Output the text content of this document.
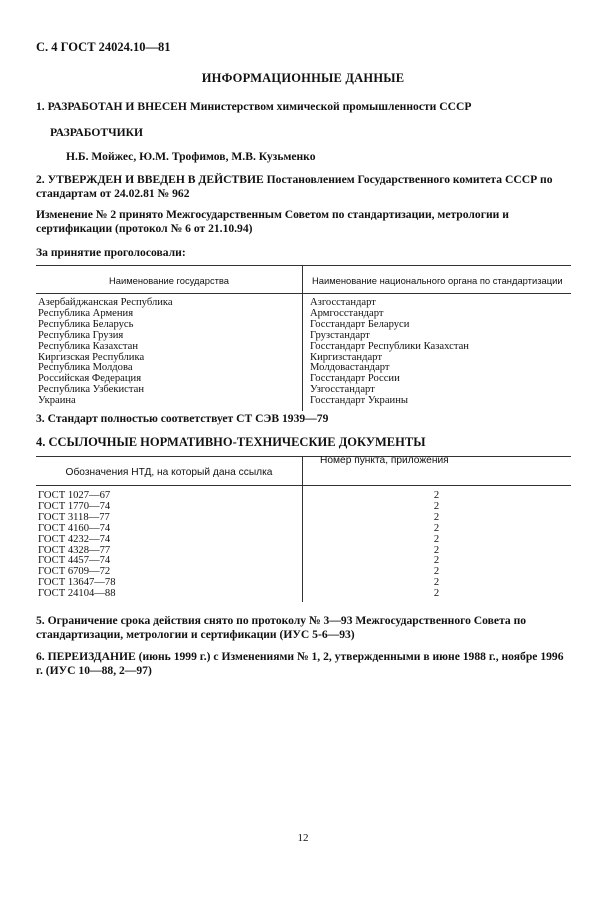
С. 4 ГОСТ 24024.10—81
ИНФОРМАЦИОННЫЕ ДАННЫЕ
1. РАЗРАБОТАН И ВНЕСЕН Министерством химической промышленности СССР
РАЗРАБОТЧИКИ
Н.Б. Мойжес, Ю.М. Трофимов, М.В. Кузьменко
2. УТВЕРЖДЕН И ВВЕДЕН В ДЕЙСТВИЕ Постановлением Государственного комитета СССР по стандартам от 24.02.81 № 962
Изменение № 2 принято Межгосударственным Советом по стандартизации, метрологии и сертификации (протокол № 6 от 21.10.94)
За принятие проголосовали:
Наименование государства	Наименование национального органа по стандартизации
Азербайджанская Республика
Республика Армения
Республика Беларусь
Республика Грузия
Республика Казахстан
Киргизская Республика
Республика Молдова
Российская Федерация
Республика Узбекистан
Украина
Азгосстандарт
Армгосстандарт
Госстандарт Беларуси
Грузстандарт
Госстандарт Республики Казахстан
Киргизстандарт
Молдовастандарт
Госстандарт России
Узгосстандарт
Госстандарт Украины
3. Стандарт полностью соответствует СТ СЭВ 1939—79
4. ССЫЛОЧНЫЕ НОРМАТИВНО-ТЕХНИЧЕСКИЕ ДОКУМЕНТЫ
Обозначения НТД, на который дана ссылка
Номер пункта, приложения
ГОСТ 1027—67
ГОСТ 1770—74
ГОСТ 3118—77
ГОСТ 4160—74
ГОСТ 4232—74
ГОСТ 4328—77
ГОСТ 4457—74
ГОСТ 6709—72
ГОСТ 13647—78
ГОСТ 24104—88
2
2
2
2
2
2
2
2
2
2
5. Ограничение срока действия снято по протоколу № 3—93 Межгосударственного Совета по стандартизации, метрологии и сертификации (ИУС 5-6—93)
6. ПЕРЕИЗДАНИЕ (июнь 1999 г.) с Изменениями № 1, 2, утвержденными в июне 1988 г., ноябре 1996 г. (ИУС 10—88, 2—97)
12
